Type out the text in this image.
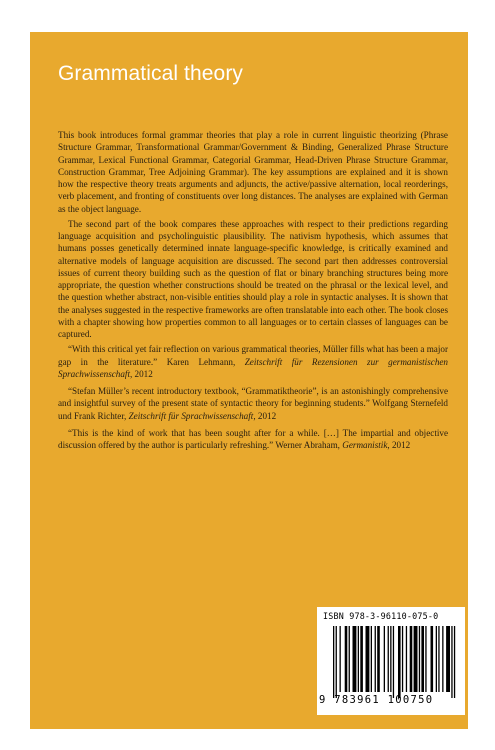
Grammatical theory

This book introduces formal grammar theories that play a role in current linguistic theorizing (Phrase Structure Grammar, Transformational Grammar/Government & Binding, Generalized Phrase Structure Grammar, Lexical Functional Grammar, Categorial Grammar, Head-Driven Phrase Structure Grammar, Construction Grammar, Tree Adjoining Grammar). The key assumptions are explained and it is shown how the respective theory treats arguments and adjuncts, the active/passive alternation, local reorderings, verb placement, and fronting of constituents over long distances. The analyses are explained with German as the object language.

The second part of the book compares these approaches with respect to their predictions regarding language acquisition and psycholinguistic plausibility. The nativism hypothesis, which assumes that humans posses genetically determined innate language-specific knowledge, is critically examined and alternative models of language acquisition are discussed. The second part then addresses controversial issues of current theory building such as the question of flat or binary branching structures being more appropriate, the question whether constructions should be treated on the phrasal or the lexical level, and the question whether abstract, non-visible entities should play a role in syntactic analyses. It is shown that the analyses suggested in the respective frameworks are often translatable into each other. The book closes with a chapter showing how properties common to all languages or to certain classes of languages can be captured.

“With this critical yet fair reflection on various grammatical theories, Müller fills what has been a major gap in the literature.” Karen Lehmann, Zeitschrift für Rezensionen zur germanistischen Sprachwissenschaft, 2012

“Stefan Müller’s recent introductory textbook, “Grammatiktheorie”, is an astonishingly comprehensive and insightful survey of the present state of syntactic theory for beginning students.” Wolfgang Sternefeld und Frank Richter, Zeitschrift für Sprachwissenschaft, 2012

“This is the kind of work that has been sought after for a while. […] The impartial and objective discussion offered by the author is particularly refreshing.” Werner Abraham, Germanistik, 2012

ISBN 978-3-96110-075-0
9 783961 100750
